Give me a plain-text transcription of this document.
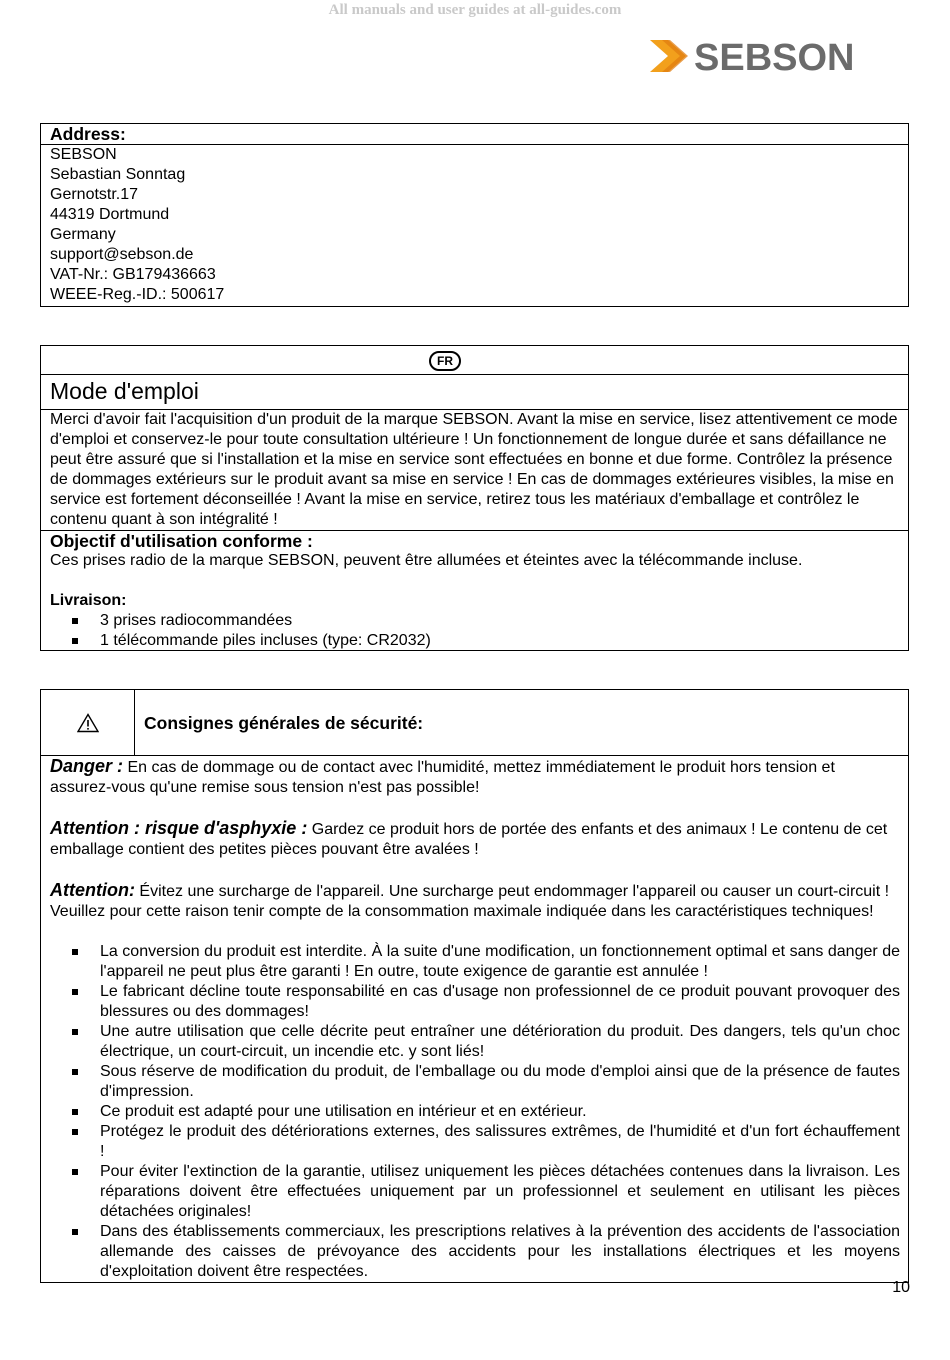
All manuals and user guides at all-guides.com
SEBSON
Address:
SEBSON
Sebastian Sonntag
Gernotstr.17
44319 Dortmund
Germany
support@sebson.de
VAT-Nr.: GB179436663
WEEE-Reg.-ID.: 500617
FR
Mode d'emploi
Merci d'avoir fait l'acquisition d'un produit de la marque SEBSON. Avant la mise en service, lisez attentivement ce mode d'emploi et conservez-le pour toute consultation ultérieure ! Un fonctionnement de longue durée et sans défaillance ne peut être assuré que si l'installation et la mise en service sont effectuées en bonne et due forme. Contrôlez la présence de dommages extérieurs sur le produit avant sa mise en service ! En cas de dommages extérieures visibles, la mise en service est fortement déconseillée ! Avant la mise en service, retirez tous les matériaux d'emballage et contrôlez le contenu quant à son intégralité !
Objectif d'utilisation conforme :
Ces prises radio de la marque SEBSON, peuvent être allumées et éteintes avec la télécommande incluse.
Livraison:
3 prises radiocommandées
1 télécommande piles incluses (type: CR2032)
Consignes générales de sécurité:

Danger : En cas de dommage ou de contact avec l'humidité, mettez immédiatement le produit hors tension et assurez-vous qu'une remise sous tension n'est pas possible!

Attention : risque d'asphyxie : Gardez ce produit hors de portée des enfants et des animaux ! Le contenu de cet emballage contient des petites pièces pouvant être avalées !

Attention: Évitez une surcharge de l'appareil. Une surcharge peut endommager l'appareil ou causer un court-circuit ! Veuillez pour cette raison tenir compte de la consommation maximale indiquée dans les caractéristiques techniques!

La conversion du produit est interdite. À la suite d'une modification, un fonctionnement optimal et sans danger de l'appareil ne peut plus être garanti ! En outre, toute exigence de garantie est annulée !
Le fabricant décline toute responsabilité en cas d'usage non professionnel de ce produit pouvant provoquer des blessures ou des dommages!
Une autre utilisation que celle décrite peut entraîner une détérioration du produit. Des dangers, tels qu'un choc électrique, un court-circuit, un incendie etc. y sont liés!
Sous réserve de modification du produit, de l'emballage ou du mode d'emploi ainsi que de la présence de fautes d'impression.
Ce produit est adapté pour une utilisation en intérieur et en extérieur.
Protégez le produit des détériorations externes, des salissures extrêmes, de l'humidité et d'un fort échauffement !
Pour éviter l'extinction de la garantie, utilisez uniquement les pièces détachées contenues dans la livraison. Les réparations doivent être effectuées uniquement par un professionnel et seulement en utilisant les pièces détachées originales!
Dans des établissements commerciaux, les prescriptions relatives à la prévention des accidents de l'association allemande des caisses de prévoyance des accidents pour les installations électriques et les moyens d'exploitation doivent être respectées.
10
